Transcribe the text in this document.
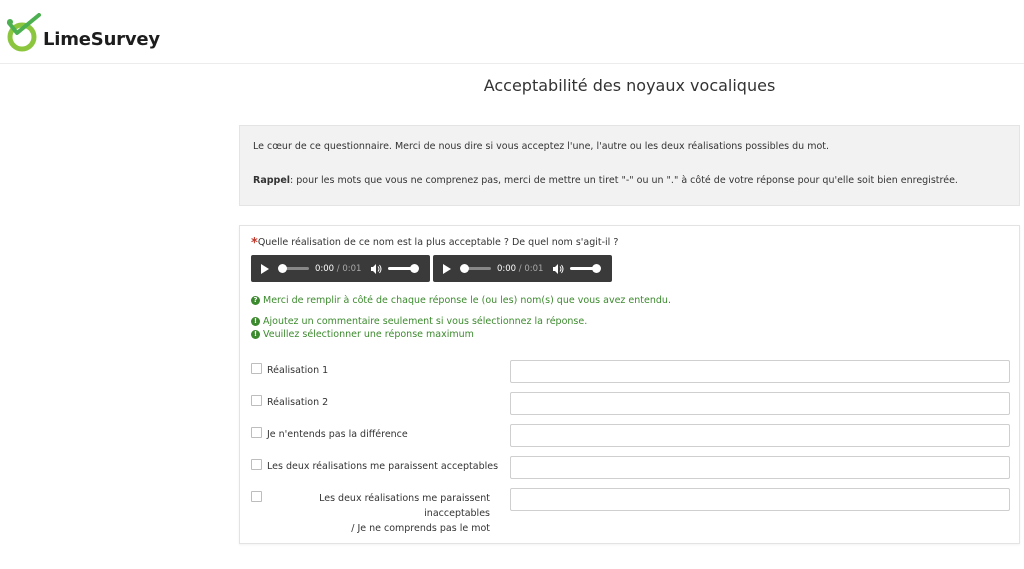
LimeSurvey
Acceptabilité des noyaux vocaliques

Le cœur de ce questionnaire. Merci de nous dire si vous acceptez l'une, l'autre ou les deux réalisations possibles du mot.

Rappel: pour les mots que vous ne comprenez pas, merci de mettre un tiret "-" ou un "." à côté de votre réponse pour qu'elle soit bien enregistrée.

*Quelle réalisation de ce nom est la plus acceptable ? De quel nom s'agit-il ?
0:00 / 0:01	0:00 / 0:01
? Merci de remplir à côté de chaque réponse le (ou les) nom(s) que vous avez entendu.
! Ajoutez un commentaire seulement si vous sélectionnez la réponse.
! Veuillez sélectionner une réponse maximum
Réalisation 1
Réalisation 2
Je n'entends pas la différence
Les deux réalisations me paraissent acceptables
Les deux réalisations me paraissent inacceptables
/ Je ne comprends pas le mot
